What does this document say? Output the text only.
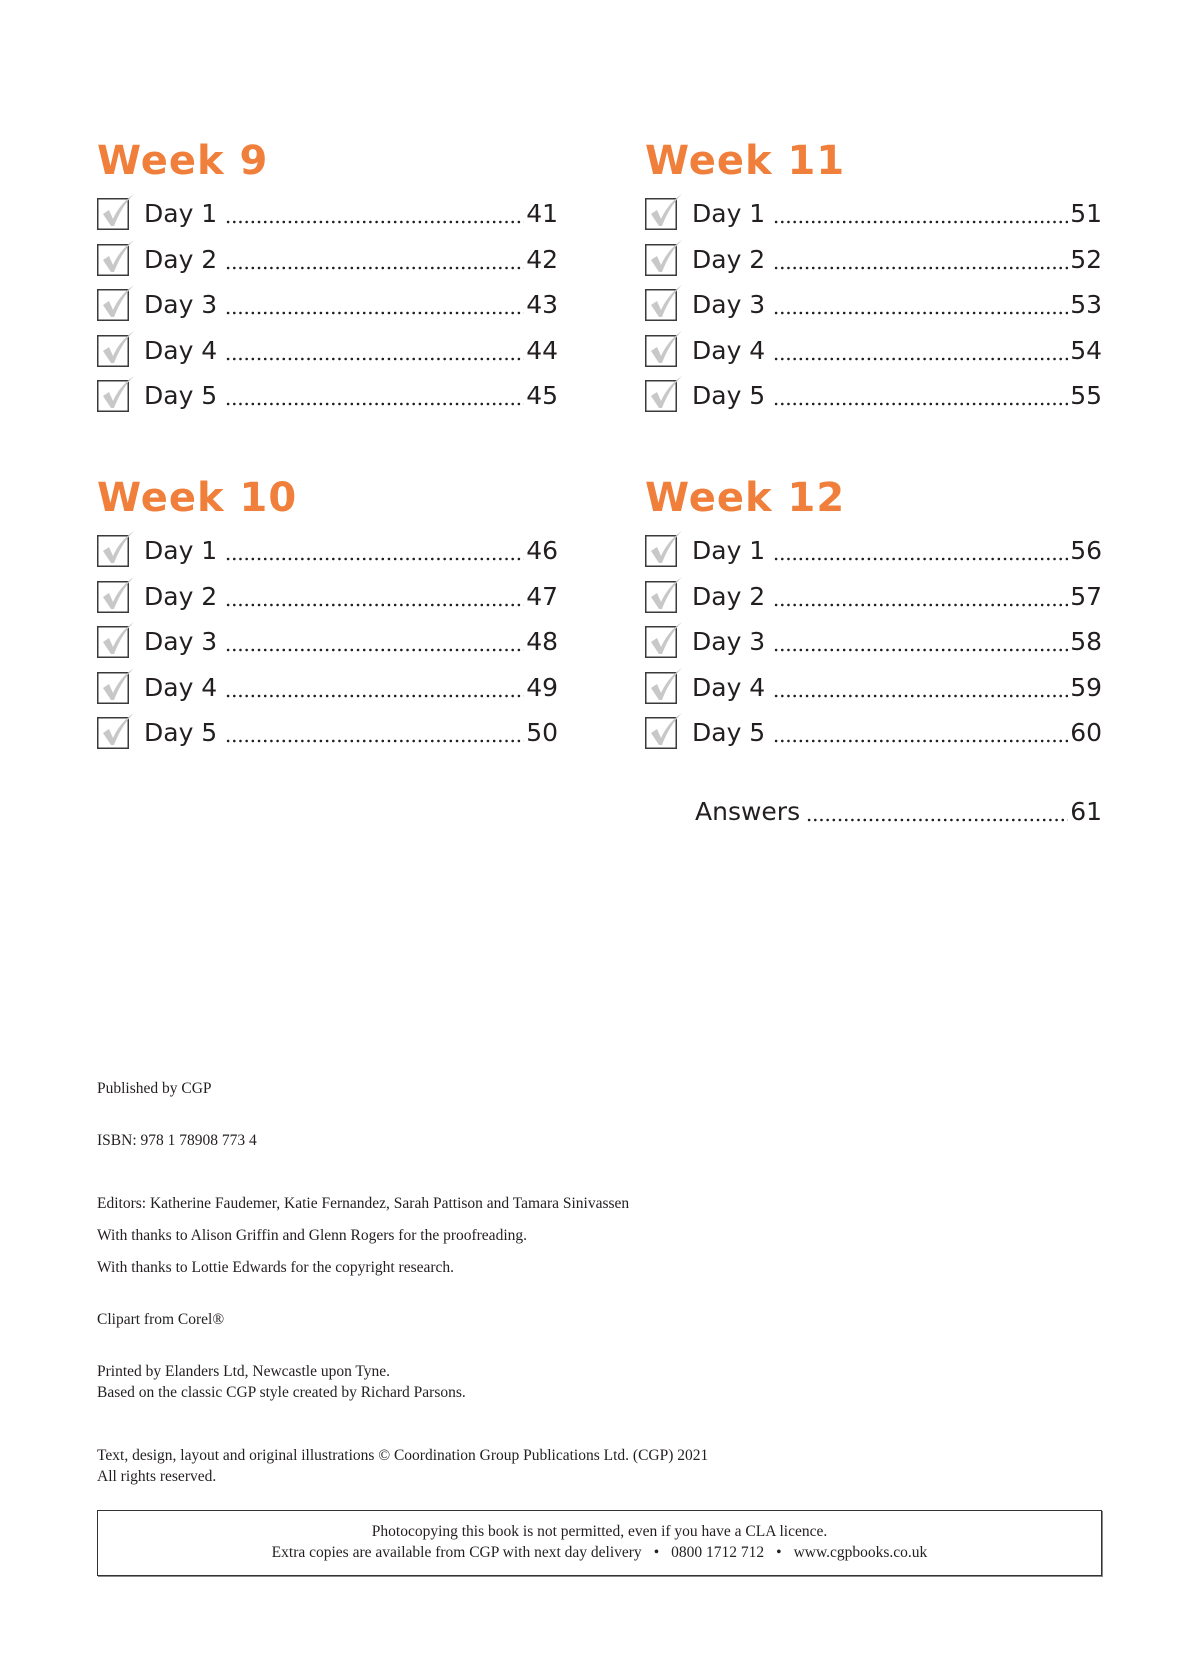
Week 9
Day 1	41
Day 2	42
Day 3	43
Day 4	44
Day 5	45
Week 10
Day 1	46
Day 2	47
Day 3	48
Day 4	49
Day 5	50
Week 11
Day 1	51
Day 2	52
Day 3	53
Day 4	54
Day 5	55
Week 12
Day 1	56
Day 2	57
Day 3	58
Day 4	59
Day 5	60
Answers	61

Published by CGP

ISBN: 978 1 78908 773 4

Editors: Katherine Faudemer, Katie Fernandez, Sarah Pattison and Tamara Sinivassen

With thanks to Alison Griffin and Glenn Rogers for the proofreading.

With thanks to Lottie Edwards for the copyright research.

Clipart from Corel®

Printed by Elanders Ltd, Newcastle upon Tyne.

Based on the classic CGP style created by Richard Parsons.

Text, design, layout and original illustrations © Coordination Group Publications Ltd. (CGP) 2021

All rights reserved.

Photocopying this book is not permitted, even if you have a CLA licence.
Extra copies are available from CGP with next day delivery • 0800 1712 712 • www.cgpbooks.co.uk
